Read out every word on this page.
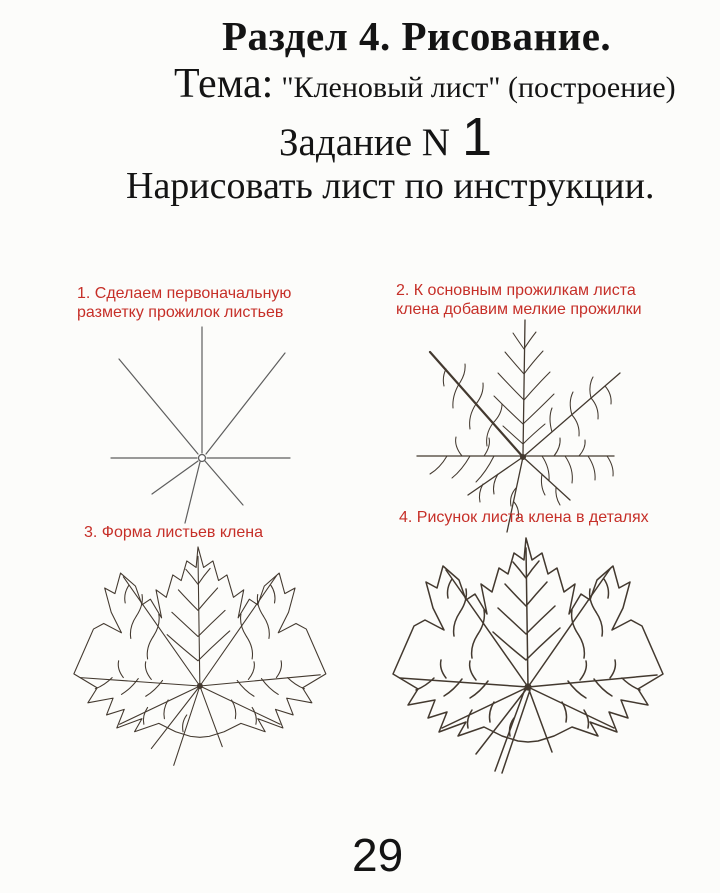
Раздел 4. Рисование.
Тема: "Кленовый лист" (построение)
Задание N 1
Нарисовать лист по инструкции.
1. Сделаем первоначальную разметку прожилок листьев
2. К основным прожилкам листа клена добавим мелкие прожилки
3. Форма листьев клена
4. Рисунок листа клена в деталях
29
